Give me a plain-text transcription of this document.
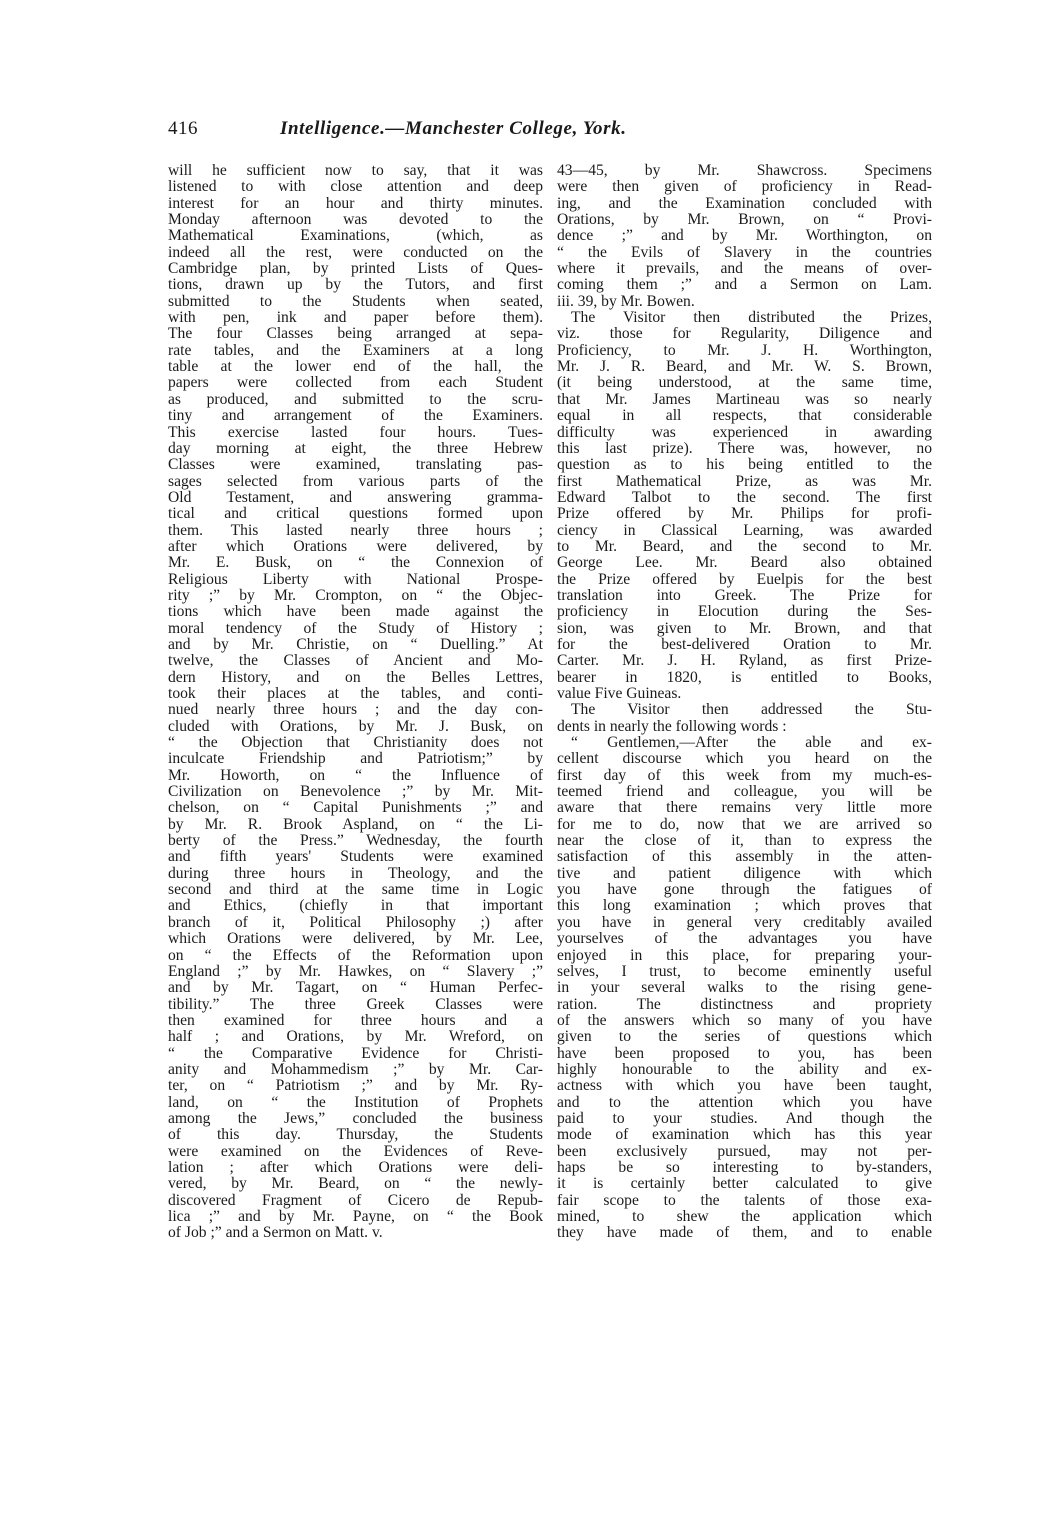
416	Intelligence.—Manchester College, York.
will he sufficient now to say, that it was
listened to with close attention and deep
interest for an hour and thirty minutes.
Monday afternoon was devoted to the
Mathematical Examinations, (which, as
indeed all the rest, were conducted on the
Cambridge plan, by printed Lists of Ques-
tions, drawn up by the Tutors, and first
submitted to the Students when seated,
with pen, ink and paper before them).
The four Classes being arranged at sepa-
rate tables, and the Examiners at a long
table at the lower end of the hall, the
papers were collected from each Student
as produced, and submitted to the scru-
tiny and arrangement of the Examiners.
This exercise lasted four hours. Tues-
day morning at eight, the three Hebrew
Classes were examined, translating pas-
sages selected from various parts of the
Old Testament, and answering gramma-
tical and critical questions formed upon
them. This lasted nearly three hours ;
after which Orations were delivered, by
Mr. E. Busk, on “ the Connexion of
Religious Liberty with National Prospe-
rity ;” by Mr. Crompton, on “ the Objec-
tions which have been made against the
moral tendency of the Study of History ;
and by Mr. Christie, on “ Duelling.” At
twelve, the Classes of Ancient and Mo-
dern History, and on the Belles Lettres,
took their places at the tables, and conti-
nued nearly three hours ; and the day con-
cluded with Orations, by Mr. J. Busk, on
“ the Objection that Christianity does not
inculcate Friendship and Patriotism;” by
Mr. Howorth, on “ the Influence of
Civilization on Benevolence ;” by Mr. Mit-
chelson, on “ Capital Punishments ;” and
by Mr. R. Brook Aspland, on “ the Li-
berty of the Press.” Wednesday, the fourth
and fifth years' Students were examined
during three hours in Theology, and the
second and third at the same time in Logic
and Ethics, (chiefly in that important
branch of it, Political Philosophy ;) after
which Orations were delivered, by Mr. Lee,
on “ the Effects of the Reformation upon
England ;” by Mr. Hawkes, on “ Slavery ;”
and by Mr. Tagart, on “ Human Perfec-
tibility.” The three Greek Classes were
then examined for three hours and a
half ; and Orations, by Mr. Wreford, on
“ the Comparative Evidence for Christi-
anity and Mohammedism ;” by Mr. Car-
ter, on “ Patriotism ;” and by Mr. Ry-
land, on “ the Institution of Prophets
among the Jews,” concluded the business
of this day. Thursday, the Students
were examined on the Evidences of Reve-
lation ; after which Orations were deli-
vered, by Mr. Beard, on “ the newly-
discovered Fragment of Cicero de Repub-
lica ;” and by Mr. Payne, on “ the Book
of Job ;” and a Sermon on Matt. v.
43—45, by Mr. Shawcross. Specimens
were then given of proficiency in Read-
ing, and the Examination concluded with
Orations, by Mr. Brown, on “ Provi-
dence ;” and by Mr. Worthington, on
“ the Evils of Slavery in the countries
where it prevails, and the means of over-
coming them ;” and a Sermon on Lam.
iii. 39, by Mr. Bowen.
The Visitor then distributed the Prizes,
viz. those for Regularity, Diligence and
Proficiency, to Mr. J. H. Worthington,
Mr. J. R. Beard, and Mr. W. S. Brown,
(it being understood, at the same time,
that Mr. James Martineau was so nearly
equal in all respects, that considerable
difficulty was experienced in awarding
this last prize). There was, however, no
question as to his being entitled to the
first Mathematical Prize, as was Mr.
Edward Talbot to the second. The first
Prize offered by Mr. Philips for profi-
ciency in Classical Learning, was awarded
to Mr. Beard, and the second to Mr.
George Lee. Mr. Beard also obtained
the Prize offered by Euelpis for the best
translation into Greek. The Prize for
proficiency in Elocution during the Ses-
sion, was given to Mr. Brown, and that
for the best-delivered Oration to Mr.
Carter. Mr. J. H. Ryland, as first Prize-
bearer in 1820, is entitled to Books,
value Five Guineas.
The Visitor then addressed the Stu-
dents in nearly the following words :
“ Gentlemen,—After the able and ex-
cellent discourse which you heard on the
first day of this week from my much-es-
teemed friend and colleague, you will be
aware that there remains very little more
for me to do, now that we are arrived so
near the close of it, than to express the
satisfaction of this assembly in the atten-
tive and patient diligence with which
you have gone through the fatigues of
this long examination ; which proves that
you have in general very creditably availed
yourselves of the advantages you have
enjoyed in this place, for preparing your-
selves, I trust, to become eminently useful
in your several walks to the rising gene-
ration. The distinctness and propriety
of the answers which so many of you have
given to the series of questions which
have been proposed to you, has been
highly honourable to the ability and ex-
actness with which you have been taught,
and to the attention which you have
paid to your studies. And though the
mode of examination which has this year
been exclusively pursued, may not per-
haps be so interesting to by-standers,
it is certainly better calculated to give
fair scope to the talents of those exa-
mined, to shew the application which
they have made of them, and to enable
